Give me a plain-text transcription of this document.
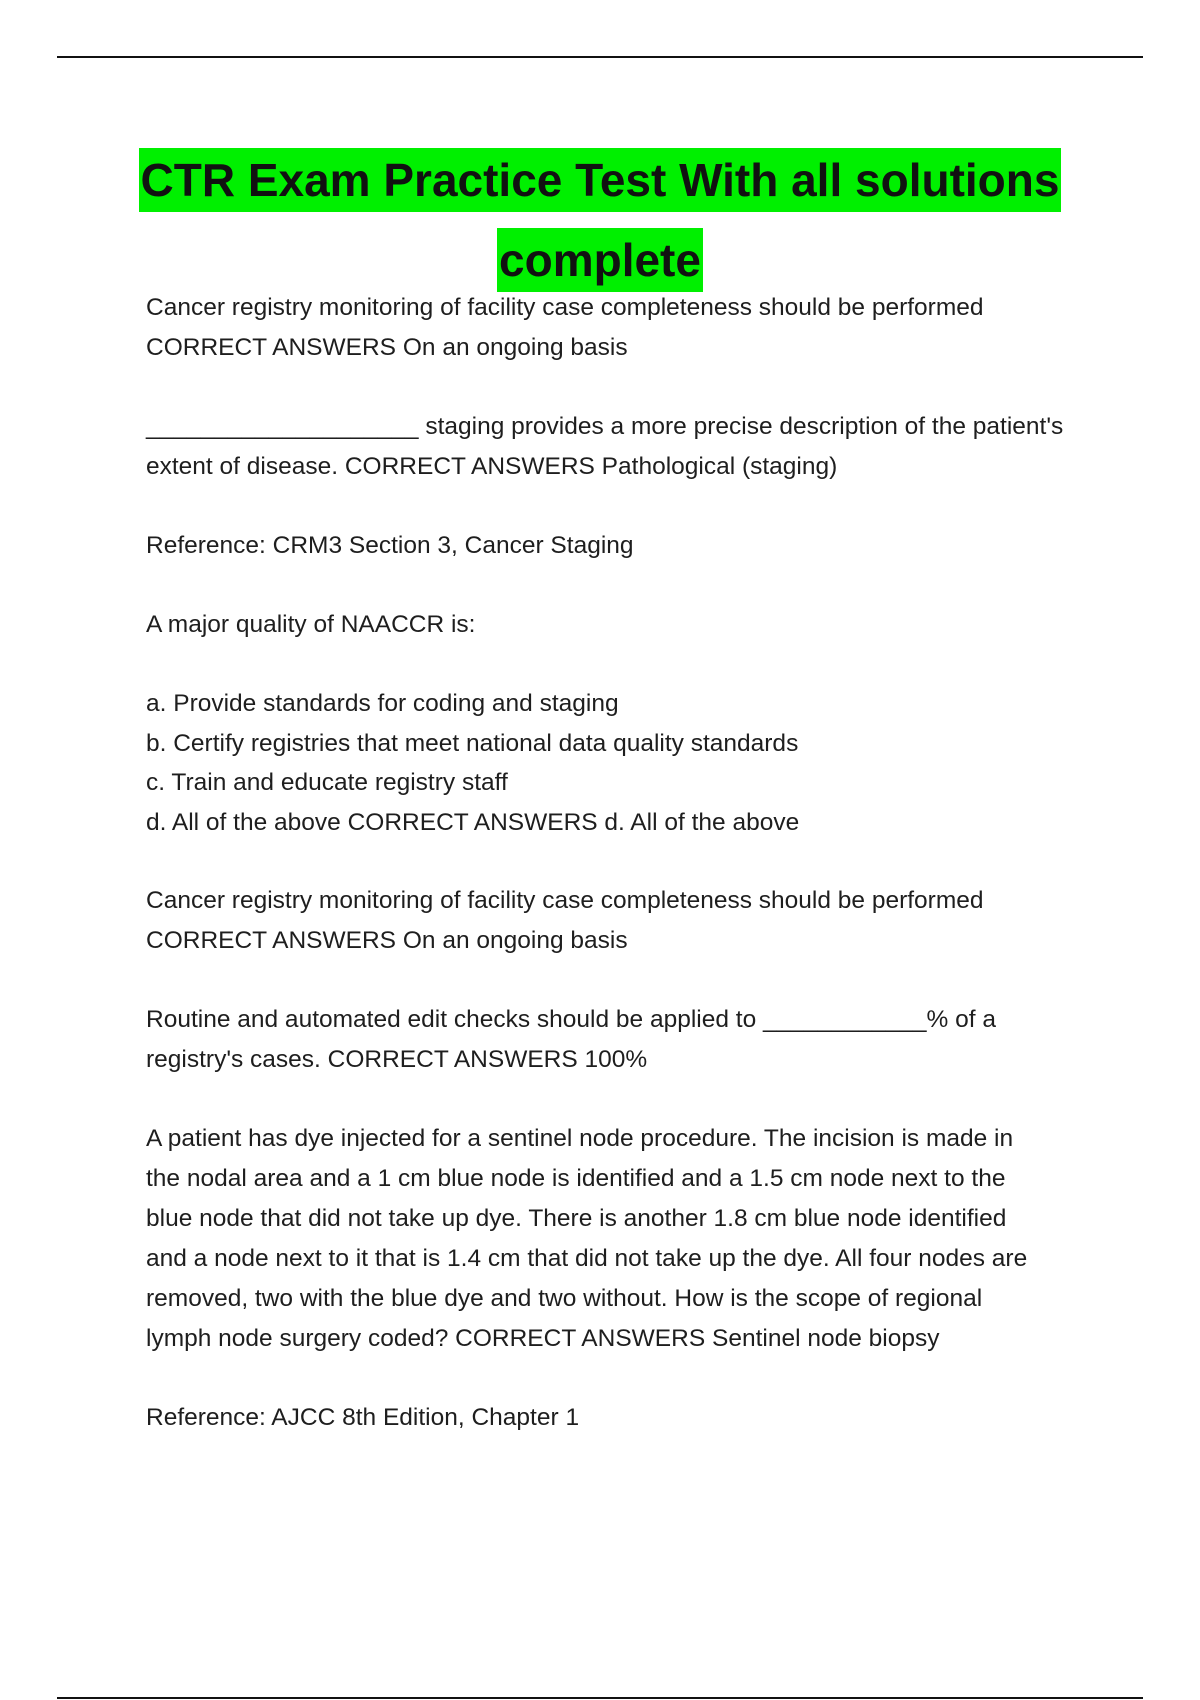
CTR Exam Practice Test With all solutions
complete
Cancer registry monitoring of facility case completeness should be performed
CORRECT ANSWERS On an ongoing basis
____________________ staging provides a more precise description of the patient's
extent of disease. CORRECT ANSWERS Pathological (staging)
Reference: CRM3 Section 3, Cancer Staging
A major quality of NAACCR is:
a. Provide standards for coding and staging
b. Certify registries that meet national data quality standards
c. Train and educate registry staff
d. All of the above CORRECT ANSWERS d. All of the above
Cancer registry monitoring of facility case completeness should be performed
CORRECT ANSWERS On an ongoing basis
Routine and automated edit checks should be applied to ____________% of a
registry's cases. CORRECT ANSWERS 100%
A patient has dye injected for a sentinel node procedure. The incision is made in
the nodal area and a 1 cm blue node is identified and a 1.5 cm node next to the
blue node that did not take up dye. There is another 1.8 cm blue node identified
and a node next to it that is 1.4 cm that did not take up the dye. All four nodes are
removed, two with the blue dye and two without. How is the scope of regional
lymph node surgery coded? CORRECT ANSWERS Sentinel node biopsy
Reference: AJCC 8th Edition, Chapter 1
